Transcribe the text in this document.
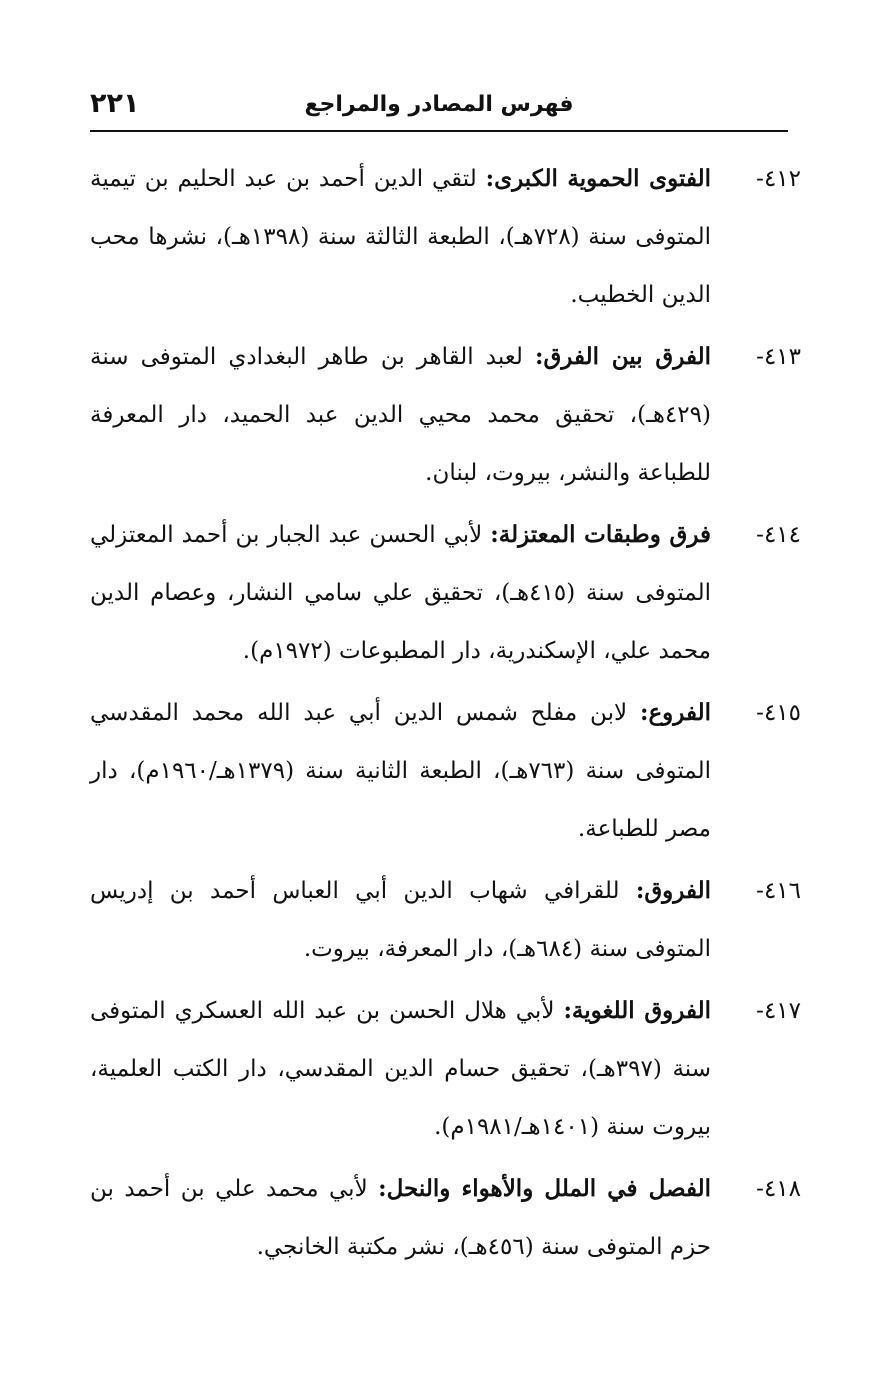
فهرس المصادر والمراجع
٢٢١
٤١٢-
الفتوى الحموية الكبرى: لتقي الدين أحمد بن عبد الحليم بن تيمية المتوفى سنة (٧٢٨هـ)، الطبعة الثالثة سنة (١٣٩٨هـ)، نشرها محب الدين الخطيب.
٤١٣-
الفرق بين الفرق: لعبد القاهر بن طاهر البغدادي المتوفى سنة (٤٢٩هـ)، تحقيق محمد محيي الدين عبد الحميد، دار المعرفة للطباعة والنشر، بيروت، لبنان.
٤١٤-
فرق وطبقات المعتزلة: لأبي الحسن عبد الجبار بن أحمد المعتزلي المتوفى سنة (٤١٥هـ)، تحقيق علي سامي النشار، وعصام الدين محمد علي، الإسكندرية، دار المطبوعات (١٩٧٢م).
٤١٥-
الفروع: لابن مفلح شمس الدين أبي عبد الله محمد المقدسي المتوفى سنة (٧٦٣هـ)، الطبعة الثانية سنة (١٣٧٩هـ/١٩٦٠م)، دار مصر للطباعة.
٤١٦-
الفروق: للقرافي شهاب الدين أبي العباس أحمد بن إدريس المتوفى سنة (٦٨٤هـ)، دار المعرفة، بيروت.
٤١٧-
الفروق اللغوية: لأبي هلال الحسن بن عبد الله العسكري المتوفى سنة (٣٩٧هـ)، تحقيق حسام الدين المقدسي، دار الكتب العلمية، بيروت سنة (١٤٠١هـ/١٩٨١م).
٤١٨-
الفصل في الملل والأهواء والنحل: لأبي محمد علي بن أحمد بن حزم المتوفى سنة (٤٥٦هـ)، نشر مكتبة الخانجي.
